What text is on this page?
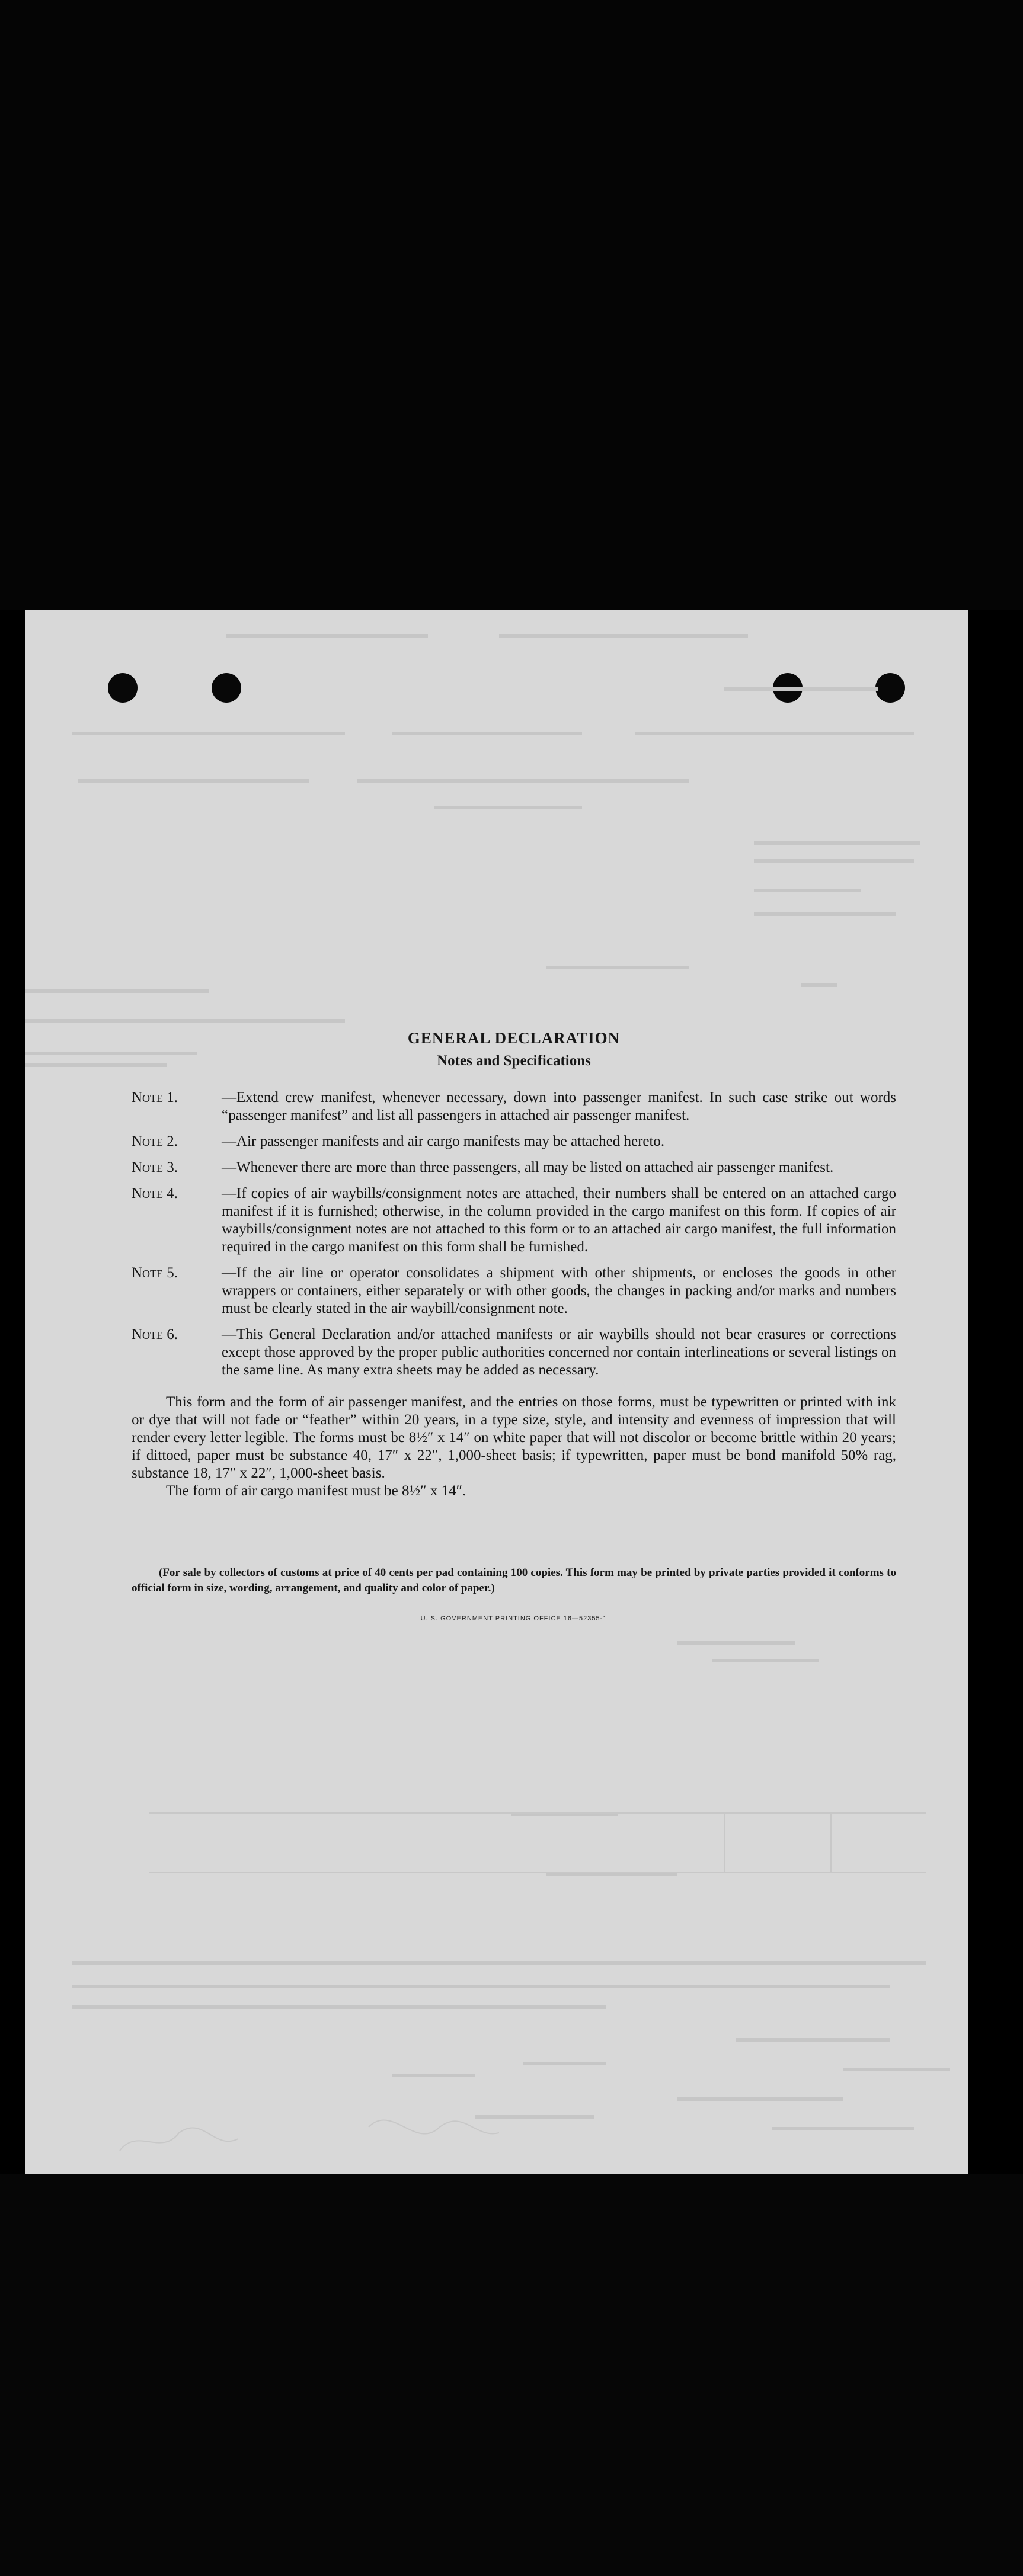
GENERAL DECLARATION
Notes and Specifications
Note 1.	—Extend crew manifest, whenever necessary, down into passenger manifest. In such case strike out words “passenger manifest” and list all passengers in attached air passenger manifest.
Note 2.	—Air passenger manifests and air cargo manifests may be attached hereto.
Note 3.	—Whenever there are more than three passengers, all may be listed on attached air passenger manifest.
Note 4.	—If copies of air waybills/consignment notes are attached, their numbers shall be entered on an attached cargo manifest if it is furnished; otherwise, in the column provided in the cargo manifest on this form. If copies of air waybills/consignment notes are not attached to this form or to an attached air cargo manifest, the full information required in the cargo manifest on this form shall be furnished.
Note 5.	—If the air line or operator consolidates a shipment with other shipments, or encloses the goods in other wrappers or containers, either separately or with other goods, the changes in packing and/or marks and numbers must be clearly stated in the air waybill/consignment note.
Note 6.	—This General Declaration and/or attached manifests or air waybills should not bear erasures or corrections except those approved by the proper public authorities concerned nor contain interlineations or several listings on the same line. As many extra sheets may be added as necessary.

This form and the form of air passenger manifest, and the entries on those forms, must be typewritten or printed with ink or dye that will not fade or “feather” within 20 years, in a type size, style, and intensity and evenness of impression that will render every letter legible. The forms must be 8½″ x 14″ on white paper that will not discolor or become brittle within 20 years; if dittoed, paper must be substance 40, 17″ x 22″, 1,000-sheet basis; if typewritten, paper must be bond manifold 50% rag, substance 18, 17″ x 22″, 1,000-sheet basis.

The form of air cargo manifest must be 8½″ x 14″.

(For sale by collectors of customs at price of 40 cents per pad containing 100 copies. This form may be printed by private parties provided it conforms to official form in size, wording, arrangement, and quality and color of paper.)

U. S. GOVERNMENT PRINTING OFFICE 16—52355-1
